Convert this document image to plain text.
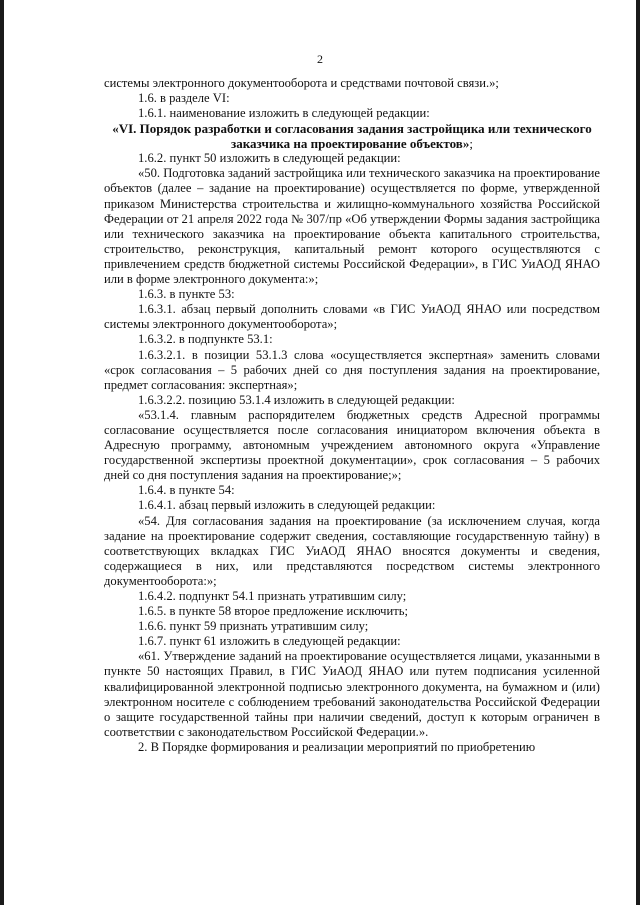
2

системы электронного документооборота и средствами почтовой связи.»;

1.6. в разделе VI:

1.6.1. наименование изложить в следующей редакции:

«VI. Порядок разработки и согласования задания застройщика или технического заказчика на проектирование объектов»;

1.6.2. пункт 50 изложить в следующей редакции:

«50. Подготовка заданий застройщика или технического заказчика на проектирование объектов (далее – задание на проектирование) осуществляется по форме, утвержденной приказом Министерства строительства и жилищно-коммунального хозяйства Российской Федерации от 21 апреля 2022 года № 307/пр «Об утверждении Формы задания застройщика или технического заказчика на проектирование объекта капитального строительства, строительство, реконструкция, капитальный ремонт которого осуществляются с привлечением средств бюджетной системы Российской Федерации», в ГИС УиАОД ЯНАО или в форме электронного документа:»;

1.6.3. в пункте 53:

1.6.3.1. абзац первый дополнить словами «в ГИС УиАОД ЯНАО или посредством системы электронного документооборота»;

1.6.3.2. в подпункте 53.1:

1.6.3.2.1. в позиции 53.1.3 слова «осуществляется экспертная» заменить словами «срок согласования – 5 рабочих дней со дня поступления задания на проектирование, предмет согласования: экспертная»;

1.6.3.2.2. позицию 53.1.4 изложить в следующей редакции:

«53.1.4. главным распорядителем бюджетных средств Адресной программы согласование осуществляется после согласования инициатором включения объекта в Адресную программу, автономным учреждением автономного округа «Управление государственной экспертизы проектной документации», срок согласования – 5 рабочих дней со дня поступления задания на проектирование;»;

1.6.4. в пункте 54:

1.6.4.1. абзац первый изложить в следующей редакции:

«54. Для согласования задания на проектирование (за исключением случая, когда задание на проектирование содержит сведения, составляющие государственную тайну) в соответствующих вкладках ГИС УиАОД ЯНАО вносятся документы и сведения, содержащиеся в них, или представляются посредством системы электронного документооборота:»;

1.6.4.2. подпункт 54.1 признать утратившим силу;

1.6.5. в пункте 58 второе предложение исключить;

1.6.6. пункт 59 признать утратившим силу;

1.6.7. пункт 61 изложить в следующей редакции:

«61. Утверждение заданий на проектирование осуществляется лицами, указанными в пункте 50 настоящих Правил, в ГИС УиАОД ЯНАО или путем подписания усиленной квалифицированной электронной подписью электронного документа, на бумажном и (или) электронном носителе с соблюдением требований законодательства Российской Федерации о защите государственной тайны при наличии сведений, доступ к которым ограничен в соответствии с законодательством Российской Федерации.».

2. В Порядке формирования и реализации мероприятий по приобретению
